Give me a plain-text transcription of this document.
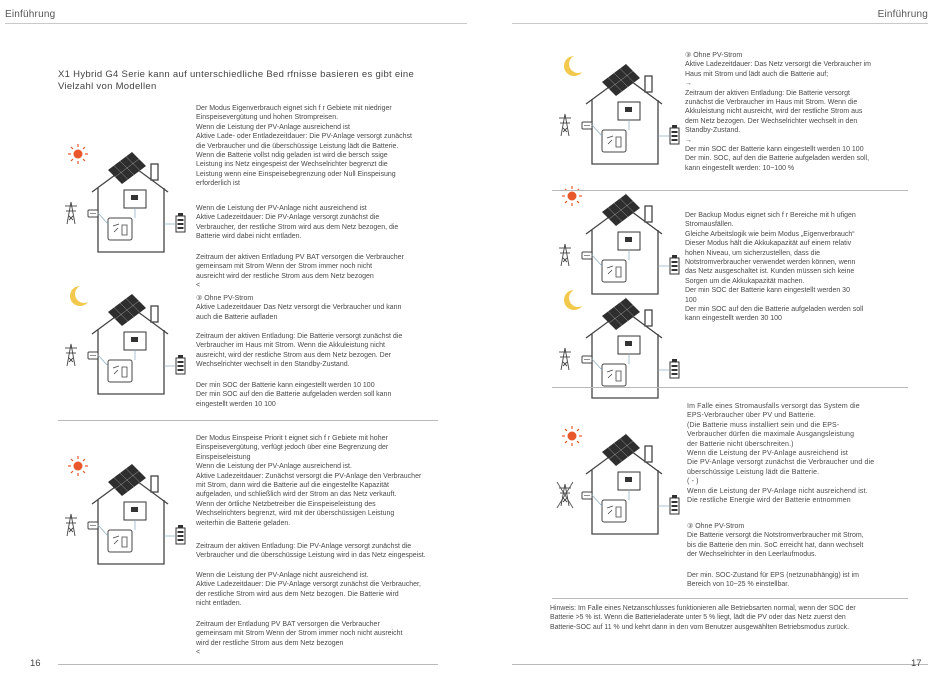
Einführung
X1 Hybrid G4 Serie kann auf unterschiedliche Bed rfnisse basieren es gibt eine Vielzahl von Modellen
Der Modus Eigenverbrauch eignet sich f r Gebiete mit niedriger
Einspeisevergütung und hohen Strompreisen.
Wenn die Leistung der PV-Anlage ausreichend ist
Aktive Lade- oder Entladezeitdauer: Die PV-Anlage versorgt zunächst
die Verbraucher und die überschüssige Leistung lädt die Batterie.
Wenn die Batterie vollst ndig geladen ist wird die bersch ssige
Leistung ins Netz eingespeist der Wechselrichter begrenzt die
Leistung wenn eine Einspeisebegrenzung oder Null Einspeisung
erforderlich ist
Wenn die Leistung der PV-Anlage nicht ausreichend ist
Aktive Ladezeitdauer: Die PV-Anlage versorgt zunächst die
Verbraucher, der restliche Strom wird aus dem Netz bezogen, die
Batterie wird dabei nicht entladen.
Zeitraum der aktiven Entladung PV BAT versorgen die Verbraucher
gemeinsam mit Strom Wenn der Strom immer noch nicht
ausreicht wird der restliche Strom aus dem Netz bezogen
<
③ Ohne PV-Strom
Aktive Ladezeitdauer Das Netz versorgt die Verbraucher und kann
auch die Batterie aufladen
Zeitraum der aktiven Entladung: Die Batterie versorgt zunächst die
Verbraucher im Haus mit Strom. Wenn die Akkuleistung nicht
ausreicht, wird der restliche Strom aus dem Netz bezogen. Der
Wechselrichter wechselt in den Standby-Zustand.
Der min SOC der Batterie kann eingestellt werden 10 100
Der min SOC auf den die Batterie aufgeladen werden soll kann
eingestellt werden 10 100
Der Modus Einspeise Priorit t eignet sich f r Gebiete mit hoher
Einspeisevergütung, verfügt jedoch über eine Begrenzung der
Einspeiseleistung
Wenn die Leistung der PV-Anlage ausreichend ist.
Aktive Ladezeitdauer: Zunächst versorgt die PV-Anlage den Verbraucher
mit Strom, dann wird die Batterie auf die eingestellte Kapazität
aufgeladen, und schließlich wird der Strom an das Netz verkauft.
Wenn der örtliche Netzbetreiber die Einspeiseleistung des
Wechselrichters begrenzt, wird mit der überschüssigen Leistung
weiterhin die Batterie geladen.
Zeitraum der aktiven Entladung: Die PV-Anlage versorgt zunächst die
Verbraucher und die überschüssige Leistung wird in das Netz eingespeist.
Wenn die Leistung der PV-Anlage nicht ausreichend ist.
Aktive Ladezeitdauer: Die PV-Anlage versorgt zunächst die Verbraucher,
der restliche Strom wird aus dem Netz bezogen. Die Batterie wird
nicht entladen.
Zeitraum der Entladung PV BAT versorgen die Verbraucher
gemeinsam mit Strom Wenn der Strom immer noch nicht ausreicht
wird der restliche Strom aus dem Netz bezogen
<
16
Einführung
③ Ohne PV-Strom
Aktive Ladezeitdauer: Das Netz versorgt die Verbraucher im
Haus mit Strom und lädt auch die Batterie auf;
→
Zeitraum der aktiven Entladung: Die Batterie versorgt
zunächst die Verbraucher im Haus mit Strom. Wenn die
Akkuleistung nicht ausreicht, wird der restliche Strom aus
dem Netz bezogen. Der Wechselrichter wechselt in den
Standby-Zustand.
→
Der min SOC der Batterie kann eingestellt werden 10 100
Der min. SOC, auf den die Batterie aufgeladen werden soll,
kann eingestellt werden: 10~100 %
Der Backup Modus eignet sich f r Bereiche mit h ufigen
Stromausfällen.
Gleiche Arbeitslogik wie beim Modus „Eigenverbrauch“
Dieser Modus hält die Akkukapazität auf einem relativ
hohen Niveau, um sicherzustellen, dass die
Notstromverbraucher verwendet werden können, wenn
das Netz ausgeschaltet ist. Kunden müssen sich keine
Sorgen um die Akkukapazität machen.
Der min SOC der Batterie kann eingestellt werden 30
100
Der min SOC auf den die Batterie aufgeladen werden soll
kann eingestellt werden 30 100
Im Falle eines Stromausfalls versorgt das System die
EPS-Verbraucher über PV und Batterie.
(Die Batterie muss installiert sein und die EPS-
Verbraucher dürfen die maximale Ausgangsleistung
der Batterie nicht überschreiten.)
Wenn die Leistung der PV-Anlage ausreichend ist
Die PV-Anlage versorgt zunächst die Verbraucher und die
überschüssige Leistung lädt die Batterie.
( - )
Wenn die Leistung der PV-Anlage nicht ausreichend ist.
Die restliche Energie wird der Batterie entnommen
③ Ohne PV-Strom
Die Batterie versorgt die Notstromverbraucher mit Strom,
bis die Batterie den min. SoC erreicht hat, dann wechselt
der Wechselrichter in den Leerlaufmodus.
Der min. SOC-Zustand für EPS (netzunabhängig) ist im
Bereich von 10~25 % einstellbar.
Hinweis: Im Falle eines Netzanschlusses funktionieren alle Betriebsarten normal, wenn der SOC der
Batterie >5 % ist. Wenn die Batterieladerate unter 5 % liegt, lädt die PV oder das Netz zuerst den
Batterie-SOC auf 11 % und kehrt dann in den vom Benutzer ausgewählten Betriebsmodus zurück.
17
